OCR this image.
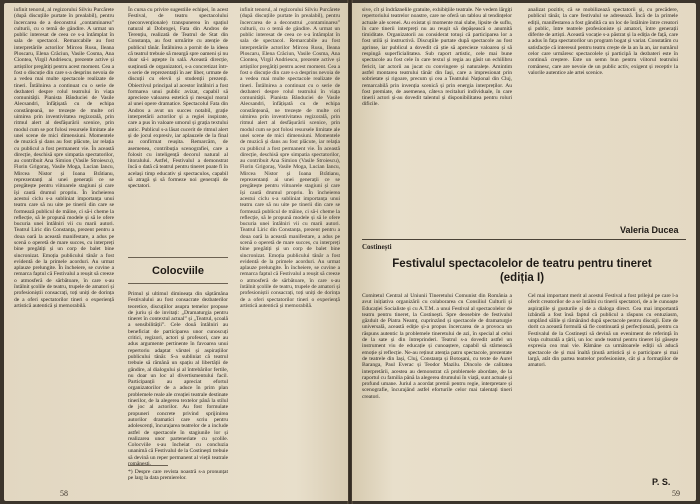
infinit tenorul, al regizorului Silviu Purcărete (după discuțiile purtate în prealabil), pentru încercarea de a deconstrui „contaminarea” culturii, cu o temă de gândire. A urmat un public interesat de ceea ce s-a întâmplat în sala de spectacol. Remarcabile au fost interpretările actorilor Mircea Rusu, Ileana Ploscaru, Elena Crăciun, Vasile Cosma, Ana Ciontea, Virgil Andriescu, prezente active și artiștilor pregătiți pentru acest moment. Cea a fost o discuție din care s-a desprins nevoia de a vedea mai multe spectacole realizate de tineri. Întâlnirea a continuat cu o serie de dezbateri despre rolul teatrului în viața comunității. Pianista Bănduciei de Vasile Alecsandri, înfățișată cu de echipa constănțeană, ne trezește de multe ori uimirea prin inventivitatea regizorală, prin ritmul alert al desfășurării scenice, prin modul cum se pot folosi resursele limitate ale unei scene de mici dimensiuni. Momentele de muzică și dans au fost plăcute, iar relația cu publicul a fost permanent vie. În această direcție, deschisă spre simpatia spectatorilor, au contribuit Ana Simion (Vasile Stroiescu), Florin Grigoraș, Vasile Moga, Lucian Iancu, Mircea Nistor și Ioana Brătianu, reprezentanți ai unei generații ce se pregătește pentru viitoarele stagiuni și care își caută drumul propriu. În încheierea acestui ciclu s-a subliniat importanța unui teatru care să nu uite pe tinerii din care se formează publicul de mâine, ci să-i cheme la reflecție, să le propună modele și să le ofere bucuria unei întâlniri vii cu marii autori. Teatrul Liric din Constanța, prezent pentru a doua oară la această manifestare, a adus pe scenă o operetă de mare succes, cu interpreți bine pregătiți și un corp de balet bine sincronizat. Emoția publicului tânăr a fost evidentă de la primele acorduri. Au urmat aplauze prelungite. În încheiere, se cuvine a remarca faptul că Festivalul a reușit să creeze o atmosferă de sărbătoare, în care s-au întâlnit școlile de teatru, trupele de amatori și profesioniștii consacrați, toți uniți de dorința de a oferi spectatorilor tineri o experiență artistică autentică și memorabilă.
În cursa cu privire sugestiile echipei, în acest Festival, de teatru spectacolului (neconvenționale) transpunerea în spațiul natural al Dobrogei, Fata din Andros de Terențiu, realizată de Teatrul de Stat din Constanța, au fost urmărite cu atenție de publicul tânăr. Întâlnirea a pornit de la ideea că teatrul trebuie să meargă spre oameni și nu doar să-i aștepte în sală. Această direcție, susținută de organizatori, s-a concretizat într-o serie de reprezentații în aer liber, urmate de discuții cu elevii și studenții prezenți. Obiectivul principal al acestor întâlniri a fost formarea unui public avizat, capabil să aprecieze valoarea estetică și mesajul moral al unei opere dramatice. Spectacolul Fata din Andros a avut un succes notabil, grație interpretării actorilor și a regiei inspirate, care a pus în valoare umorul și grația textului antic. Publicul s-a lăsat cucerit de ritmul alert și de jocul expresiv, iar aplauzele de la final au confirmat reușita. Remarcăm, de asemenea, contribuția scenografiei, care a folosit cu inteligență decorul natural al litoralului. Astfel, Festivalul a demonstrat încă o dată că teatrul pentru tineret poate fi în același timp educativ și spectaculos, capabil să atragă și să formeze noi generații de spectatori.
Colocviile
Primul și ultimul dimineața din săptămâna Festivalului au fost consacrate dezbaterilor teoretice, discuțiilor asupra temelor propuse de juriu și de invitați: „Dramaturgia pentru tineret în contextul actual” și „Teatrul, școală a sensibilității”. Cele două întâlniri au beneficiat de participarea unor cunoscuți critici, regizori, actori și profesori, care au adus argumente pertinente în favoarea unui repertoriu adaptat vârstei și aspirațiilor publicului tânăr. S-a subliniat că teatrul trebuie să rămână un spațiu al libertății de gândire, al dialogului și al întrebărilor fertile, nu doar un loc al divertismentului facil. Participanții au apreciat efortul organizatorilor de a aduce în prim plan problemele reale ale creației teatrale destinate tinerilor, de la alegerea textelor până la stilul de joc al actorilor. Au fost formulate propuneri concrete privind sprijinirea autorilor dramatici care scriu pentru adolescenți, încurajarea teatrelor de a include astfel de spectacole în stagiunile lor și realizarea unor parteneriate cu școlile. Colocviile s-au încheiat cu concluzia unanimă că Festivalul de la Costinești trebuie să devină un reper permanent al vieții teatrale
*) Despre care revista noastră s-a pronunțat pe larg la data premierelor.
infinit tenorul, al regizorului Silviu Purcărete (după discuțiile purtate în prealabil), pentru încercarea de a deconstrui „contaminarea” culturii, cu o temă de gândire. A urmat un public interesat de ceea ce s-a întâmplat în sala de spectacol. Remarcabile au fost interpretările actorilor Mircea Rusu, Ileana Ploscaru, Elena Crăciun, Vasile Cosma, Ana Ciontea, Virgil Andriescu, prezente active și artiștilor pregătiți pentru acest moment. Cea a fost o discuție din care s-a desprins nevoia de a vedea mai multe spectacole realizate de tineri. Întâlnirea a continuat cu o serie de dezbateri despre rolul teatrului în viața comunității. Pianista Bănduciei de Vasile Alecsandri, înfățișată cu de echipa constănțeană, ne trezește de multe ori uimirea prin inventivitatea regizorală, prin ritmul alert al desfășurării scenice, prin modul cum se pot folosi resursele limitate ale unei scene de mici dimensiuni. Momentele de muzică și dans au fost plăcute, iar relația cu publicul a fost permanent vie. În această direcție, deschisă spre simpatia spectatorilor, au contribuit Ana Simion (Vasile Stroiescu), Florin Grigoraș, Vasile Moga, Lucian Iancu, Mircea Nistor și Ioana Brătianu, reprezentanți ai unei generații ce se pregătește pentru viitoarele stagiuni și care își caută drumul propriu. În încheierea acestui ciclu s-a subliniat importanța unui teatru care să nu uite pe tinerii din care se formează publicul de mâine, ci să-i cheme la reflecție, să le propună modele și să le ofere bucuria unei întâlniri vii cu marii autori. Teatrul Liric din Constanța, prezent pentru a doua oară la această manifestare, a adus pe scenă o operetă de mare succes, cu interpreți bine pregătiți și un corp de balet bine sincronizat. Emoția publicului tânăr a fost evidentă de la primele acorduri. Au urmat aplauze prelungite. În încheiere, se cuvine a remarca faptul că Festivalul a reușit să creeze o atmosferă de sărbătoare, în care s-au întâlnit școlile de teatru, trupele de amatori și profesioniștii consacrați, toți uniți de dorința de a oferi spectatorilor tineri o experiență artistică autentică și memorabilă.
58
sive, cît și îndrăznelile gratuite, exhibițiile teatrale. Ne vedem lărgiți repertoriului teatrelor noastre, care ne oferă un tablou al tendințelor actuale ale scenei. Au existat și momente mai slabe, lipsite de suflu, în care tinerii interpreți nu au reușit să depășească o anumită timiditate. Organizatorii au considerat totuși că participarea lor a fost utilă și instructivă. Discuțiile purtate după spectacole au fost aprinse, iar publicul a dovedit că știe să aprecieze valoarea și să respingă superficialitatea. Sub raport artistic, cele mai bune spectacole au fost cele în care textul și regia au găsit un echilibru fericit, iar actorii au jucat cu convingere și naturalețe. Amintim astfel montarea teatrului tânăr din Iași, care a impresionat prin sobrietate și rigoare, precum și cea a Teatrului Național din Cluj, remarcabilă prin invenția scenică și prin energia interpreților. Au fost premiate, de asemenea, câteva recitaluri individuale, în care tinerii actori și-au dovedit talentul și disponibilitatea pentru roluri dificile.
analizat pozitiv, că se mobilizează spectatorii și, cu precădere, publicul tânăr, la care festivalul se adresează. Încă de la primele ediții, manifestarea a fost gândită ca un loc de întâlnire între creatori și public, între teatrele profesioniste și amatori, între generații diferite de artiști. Această vocație s-a păstrat și la ediția de față, care a adus în fața spectatorilor un program bogat și variat. Constatăm cu satisfacție că interesul pentru teatru crește de la an la an, iar numărul celor care urmăresc spectacolele și participă la dezbateri este în continuă creștere. Este un semn bun pentru viitorul teatrului românesc, care are nevoie de un public activ, exigent și receptiv la valorile autentice ale artei scenice.
Valeria Ducea
Costinești
Festivalul spectacolelor de teatru pentru tineret (ediția I)
Comitetul Central al Uniunii Tineretului Comunist din România a avut inițiativa organizării cu colaborarea cu Consiliul Culturii și Educației Socialiste și cu A.T.M. a unui Festival al spectacolelor de teatru pentru tineret, la Costinești. Spre deosebire de festivalul găzduit de Piatra Neamț, cuprinzând și spectacole de dramaturgie universală, această ediție și-a propus încercarea de a provoca un răspuns autentic la problemele tineretului de azi, în special al celui de la sate și din întreprinderi. Teatrul s-a dovedit astfel un instrument viu de educație și cunoaștere, capabil să stârnească emoție și reflecție. Ne-au reținut atenția patru spectacole, prezentate de teatrele din Iași, Cluj, Constanța și Botoșani, cu texte de Aurel Baranga, Paul Everac și Teodor Mazilu. Dincolo de calitatea interpretării, acestea au demonstrat că problemele abordate, de la raportul cu familia până la alegerea drumului în viață, sunt actuale și profund umane. Juriul a acordat premii pentru regie, interpretare și scenografie, încurajând astfel eforturile celor mai talentați tineri creatori.
Cel mai important merit al acestui Festival a fost prilejul pe care l-a oferit creatorilor de a se întâlni cu tinerii spectatori, de a le cunoaște aspirațiile și gusturile și de a dialoga direct. Cea mai importantă izbândă a fost însă faptul că publicul a răspuns cu entuziasm, umplând sălile și rămânând după spectacole pentru discuții. Este de dorit ca această formulă să fie continuată și perfecționată, pentru ca Festivalul de la Costinești să devină un eveniment de referință în viața culturală a țării, un loc unde teatrul pentru tineret își găsește expresia cea mai vie. Rămâne ca următoarele ediții să aducă spectacole de și mai înaltă ținută artistică și o participare și mai largă, atât din partea teatrelor profesioniste, cât și a formațiilor de amatori.
P. S.
59
